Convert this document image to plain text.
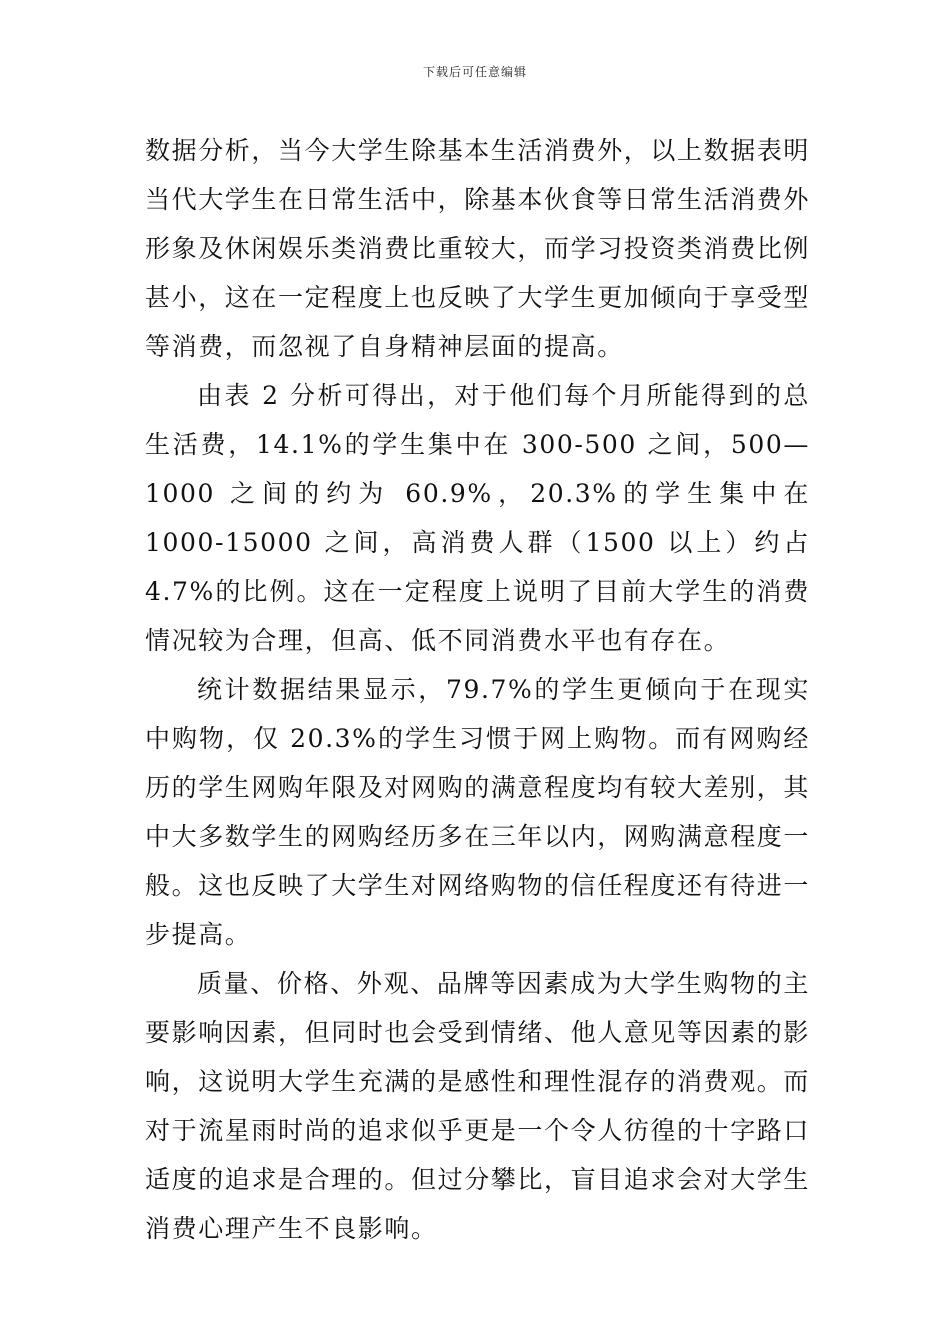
下载后可任意编辑

数据分析，当今大学生除基本生活消费外，以上数据表明当代大学生在日常生活中，除基本伙食等日常生活消费外形象及休闲娱乐类消费比重较大，而学习投资类消费比例甚小，这在一定程度上也反映了大学生更加倾向于享受型等消费，而忽视了自身精神层面的提高。

由表 2 分析可得出，对于他们每个月所能得到的总生活费，14.1%的学生集中在 300-500 之间，500—1000 之间的约为 60.9%，20.3%的学生集中在 1000-15000 之间，高消费人群（1500 以上）约占 4.7%的比例。这在一定程度上说明了目前大学生的消费情况较为合理，但高、低不同消费水平也有存在。

统计数据结果显示，79.7%的学生更倾向于在现实中购物，仅 20.3%的学生习惯于网上购物。而有网购经历的学生网购年限及对网购的满意程度均有较大差别，其中大多数学生的网购经历多在三年以内，网购满意程度一般。这也反映了大学生对网络购物的信任程度还有待进一步提高。

质量、价格、外观、品牌等因素成为大学生购物的主要影响因素，但同时也会受到情绪、他人意见等因素的影响，这说明大学生充满的是感性和理性混存的消费观。而对于流星雨时尚的追求似乎更是一个令人彷徨的十字路口适度的追求是合理的。但过分攀比，盲目追求会对大学生消费心理产生不良影响。
